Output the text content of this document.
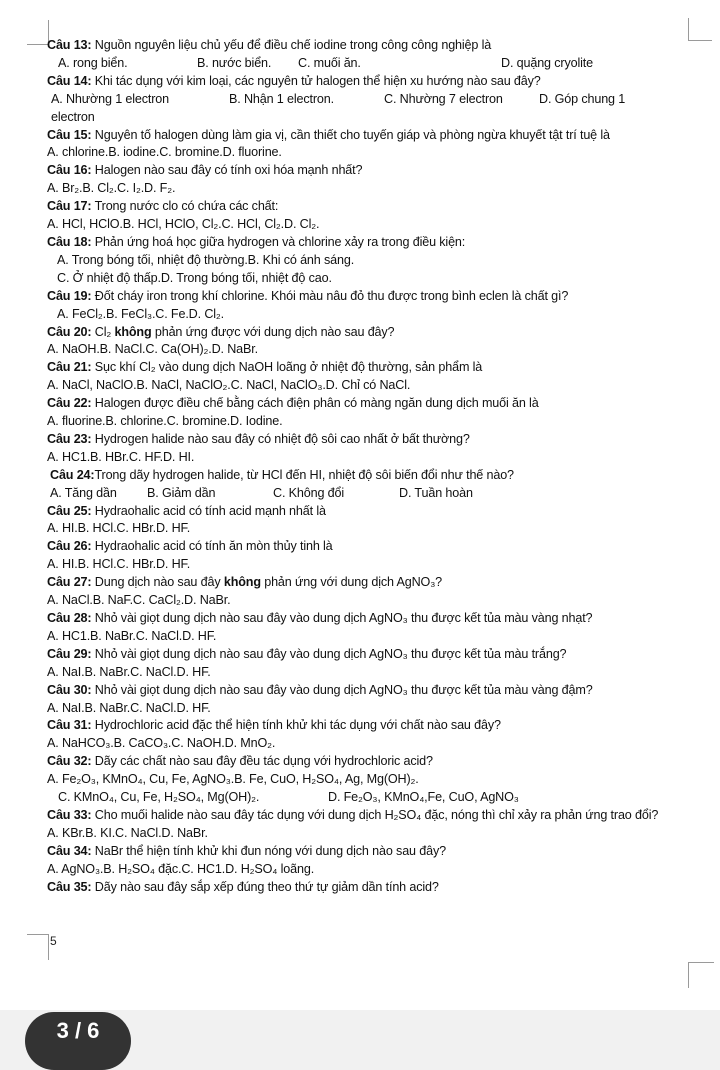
Câu 13: Nguồn nguyên liệu chủ yếu để điều chế iodine trong công công nghiệp là
A. rong biển.	B. nước biển.	C. muối ăn.	D. quặng cryolite
Câu 14: Khi tác dụng với kim loại, các nguyên tử halogen thể hiện xu hướng nào sau đây?
A. Nhường 1 electron	B. Nhận 1 electron.	C. Nhường 7 electron	D. Góp chung 1
electron
Câu 15: Nguyên tố halogen dùng làm gia vị, cần thiết cho tuyến giáp và phòng ngừa khuyết tật trí tuệ là
A. chlorine.B. iodine.C. bromine.D. fluorine.
Câu 16: Halogen nào sau đây có tính oxi hóa mạnh nhất?
A. Br₂.B. Cl₂.C. I₂.D. F₂.
Câu 17: Trong nước clo có chứa các chất:
A. HCl, HClO.B. HCl, HClO, Cl₂.C. HCl, Cl₂.D. Cl₂.
Câu 18: Phản ứng hoá học giữa hydrogen và chlorine xảy ra trong điều kiện:
A. Trong bóng tối, nhiệt độ thường.B. Khi có ánh sáng.
C. Ở nhiệt độ thấp.D. Trong bóng tối, nhiệt độ cao.
Câu 19: Đốt cháy iron trong khí chlorine. Khói màu nâu đỏ thu được trong bình eclen là chất gì?
A. FeCl₂.B. FeCl₃.C. Fe.D. Cl₂.
Câu 20: Cl₂ không phản ứng được với dung dịch nào sau đây?
A. NaOH.B. NaCl.C. Ca(OH)₂.D. NaBr.
Câu 21: Sục khí Cl₂ vào dung dịch NaOH loãng ở nhiệt độ thường, sản phẩm là
A. NaCl, NaClO.B. NaCl, NaClO₂.C. NaCl, NaClO₃.D. Chỉ có NaCl.
Câu 22: Halogen được điều chế bằng cách điện phân có màng ngăn dung dịch muối ăn là
A. fluorine.B. chlorine.C. bromine.D. Iodine.
Câu 23: Hydrogen halide nào sau đây có nhiệt độ sôi cao nhất ở bất thường?
A. HC1.B. HBr.C. HF.D. HI.
Câu 24:Trong dãy hydrogen halide, từ HCl đến HI, nhiệt độ sôi biến đổi như thế nào?
A. Tăng dần	B. Giảm dần	C. Không đổi	D. Tuần hoàn
Câu 25: Hydraohalic acid có tính acid mạnh nhất là
A. HI.B. HCl.C. HBr.D. HF.
Câu 26: Hydraohalic acid có tính ăn mòn thủy tinh là
A. HI.B. HCl.C. HBr.D. HF.
Câu 27: Dung dịch nào sau đây không phản ứng với dung dịch AgNO₃?
A. NaCl.B. NaF.C. CaCl₂.D. NaBr.
Câu 28: Nhỏ vài giọt dung dịch nào sau đây vào dung dịch AgNO₃ thu được kết tủa màu vàng nhạt?
A. HC1.B. NaBr.C. NaCl.D. HF.
Câu 29: Nhỏ vài giọt dung dịch nào sau đây vào dung dịch AgNO₃ thu được kết tủa màu trắng?
A. NaI.B. NaBr.C. NaCl.D. HF.
Câu 30: Nhỏ vài giọt dung dịch nào sau đây vào dung dịch AgNO₃ thu được kết tủa màu vàng đậm?
A. NaI.B. NaBr.C. NaCl.D. HF.
Câu 31: Hydrochloric acid đặc thể hiện tính khử khi tác dụng với chất nào sau đây?
A. NaHCO₃.B. CaCO₃.C. NaOH.D. MnO₂.
Câu 32: Dãy các chất nào sau đây đều tác dụng với hydrochloric acid?
A. Fe₂O₃, KMnO₄, Cu, Fe, AgNO₃.B. Fe, CuO, H₂SO₄, Ag, Mg(OH)₂.
C. KMnO₄, Cu, Fe, H₂SO₄, Mg(OH)₂.	D. Fe₂O₃, KMnO₄,Fe, CuO, AgNO₃
Câu 33: Cho muối halide nào sau đây tác dụng với dung dịch H₂SO₄ đặc, nóng thì chỉ xảy ra phản ứng trao đổi?
A. KBr.B. KI.C. NaCl.D. NaBr.
Câu 34: NaBr thể hiện tính khử khi đun nóng với dung dịch nào sau đây?
A. AgNO₃.B. H₂SO₄ đặc.C. HC1.D. H₂SO₄ loãng.
Câu 35: Dãy nào sau đây sắp xếp đúng theo thứ tự giảm dần tính acid?
5
3 / 6
